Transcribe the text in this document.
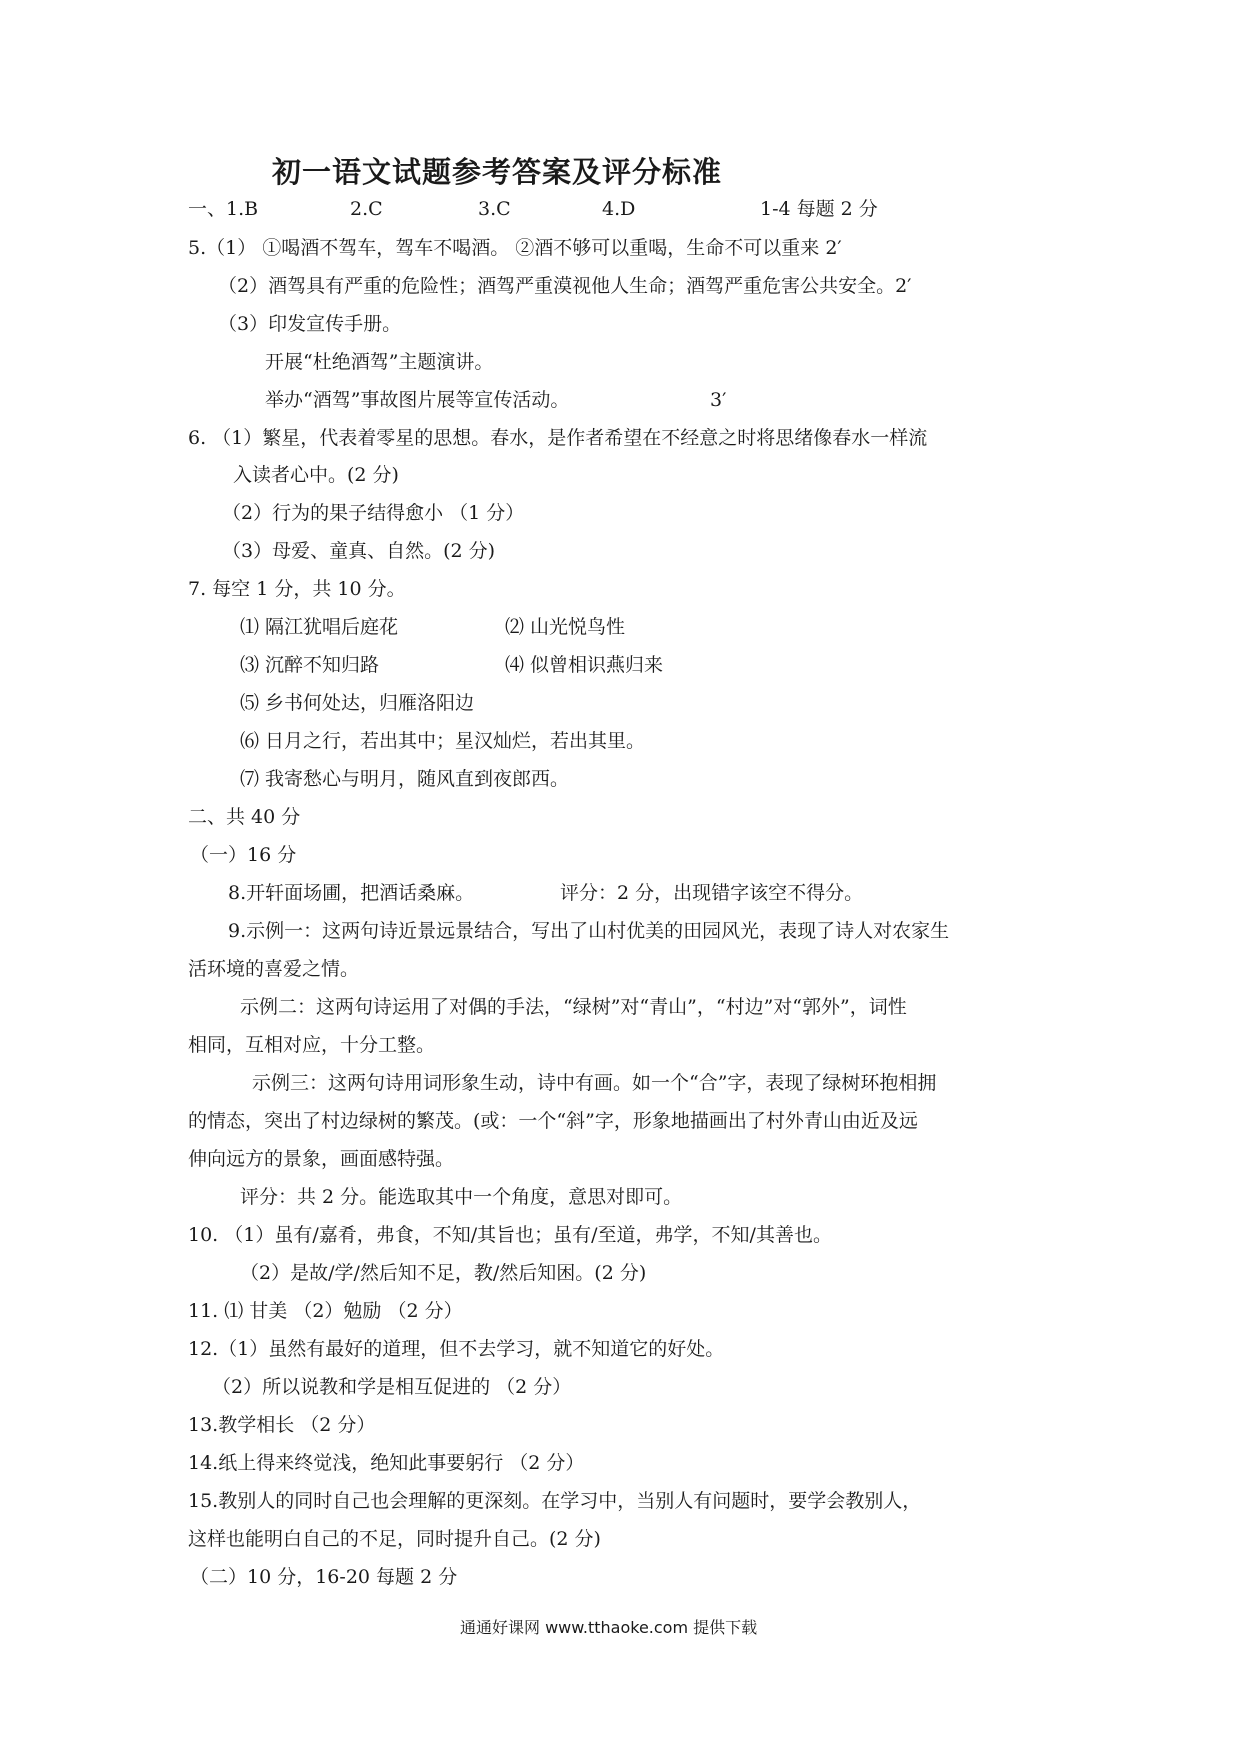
初一语文试题参考答案及评分标准
一、1.B	2.C	3.C	4.D	1-4 每题 2 分
5.（1） ①喝酒不驾车，驾车不喝酒。 ②酒不够可以重喝，生命不可以重来 2′
（2）酒驾具有严重的危险性；酒驾严重漠视他人生命；酒驾严重危害公共安全。2′
（3）印发宣传手册。
开展“杜绝酒驾”主题演讲。
举办“酒驾”事故图片展等宣传活动。	3′
6. （1）繁星，代表着零星的思想。春水，是作者希望在不经意之时将思绪像春水一样流
入读者心中。(2 分)
（2）行为的果子结得愈小 （1 分）
（3）母爱、童真、自然。(2 分)
7. 每空 1 分，共 10 分。
⑴ 隔江犹唱后庭花	⑵ 山光悦鸟性
⑶ 沉醉不知归路	⑷ 似曾相识燕归来
⑸ 乡书何处达，归雁洛阳边
⑹ 日月之行，若出其中；星汉灿烂，若出其里。
⑺ 我寄愁心与明月，随风直到夜郎西。
二、共 40 分
（一）16 分
8.开轩面场圃，把酒话桑麻。	评分：2 分，出现错字该空不得分。
9.示例一：这两句诗近景远景结合，写出了山村优美的田园风光，表现了诗人对农家生
活环境的喜爱之情。
示例二：这两句诗运用了对偶的手法，“绿树”对“青山”，“村边”对“郭外”，词性
相同，互相对应，十分工整。
示例三：这两句诗用词形象生动，诗中有画。如一个“合”字，表现了绿树环抱相拥
的情态，突出了村边绿树的繁茂。(或：一个“斜”字，形象地描画出了村外青山由近及远
伸向远方的景象，画面感特强。
评分：共 2 分。能选取其中一个角度，意思对即可。
10. （1）虽有/嘉肴，弗食，不知/其旨也；虽有/至道，弗学，不知/其善也。
（2）是故/学/然后知不足，教/然后知困。(2 分)
11. ⑴ 甘美 （2）勉励 （2 分）
12.（1）虽然有最好的道理，但不去学习，就不知道它的好处。
（2）所以说教和学是相互促进的 （2 分）
13.教学相长 （2 分）
14.纸上得来终觉浅，绝知此事要躬行 （2 分）
15.教别人的同时自己也会理解的更深刻。在学习中，当别人有问题时，要学会教别人，
这样也能明白自己的不足，同时提升自己。(2 分)
（二）10 分，16-20 每题 2 分
通通好课网 www.tthaoke.com 提供下载
